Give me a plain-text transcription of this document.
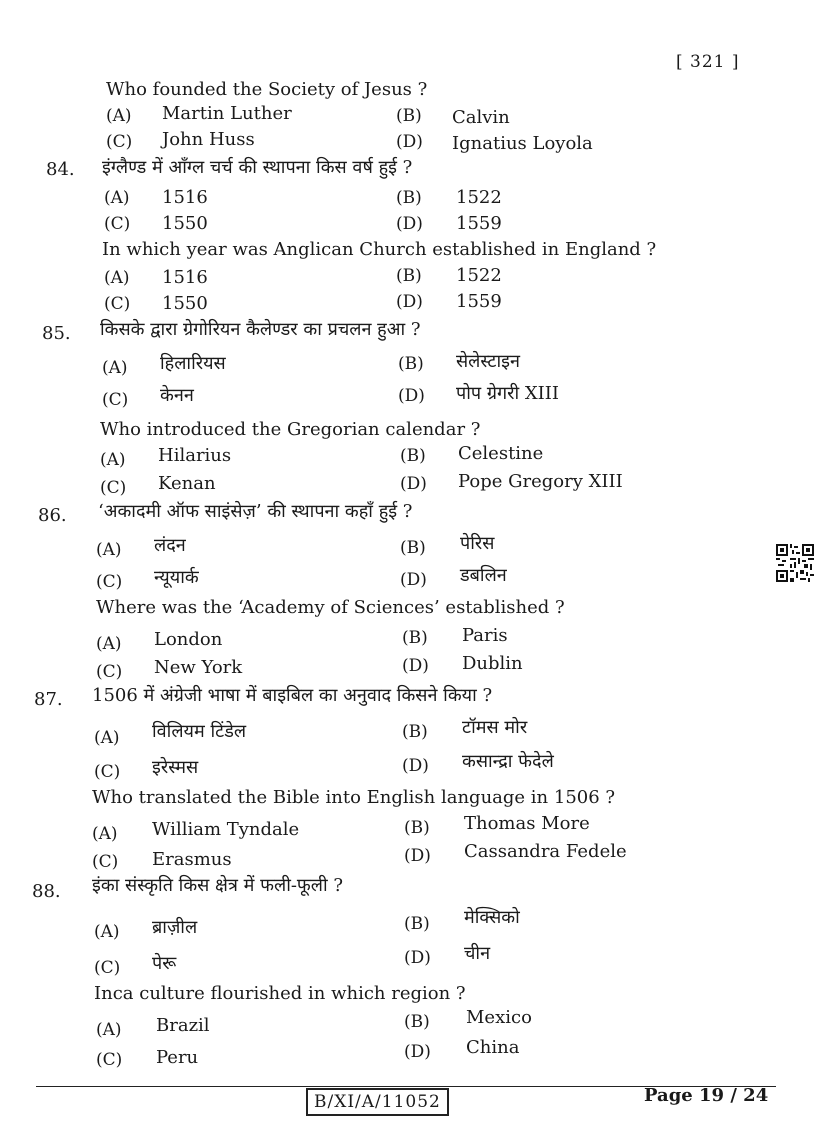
[ 321 ]
Who founded the Society of Jesus ?
(A) Martin Luther	(B) Calvin
(C) John Huss	(D) Ignatius Loyola
84. इंग्लैण्ड में आँग्ल चर्च की स्थापना किस वर्ष हुई ?
(A) 1516	(B) 1522
(C) 1550	(D) 1559
In which year was Anglican Church established in England ?
(A) 1516	(B) 1522
(C) 1550	(D) 1559
85. किसके द्वारा ग्रेगोरियन कैलेण्डर का प्रचलन हुआ ?
(A) हिलारियस	(B) सेलेस्टाइन
(C) केनन	(D) पोप ग्रेगरी XIII
Who introduced the Gregorian calendar ?
(A) Hilarius	(B) Celestine
(C) Kenan	(D) Pope Gregory XIII
86. ‘अकादमी ऑफ साइंसेज़’ की स्थापना कहाँ हुई ?
(A) लंदन	(B) पेरिस
(C) न्यूयार्क	(D) डबलिन
Where was the ‘Academy of Sciences’ established ?
(A) London	(B) Paris
(C) New York	(D) Dublin
87. 1506 में अंग्रेजी भाषा में बाइबिल का अनुवाद किसने किया ?
(A) विलियम टिंडेल	(B) टॉमस मोर
(C) इरेस्मस	(D) कसान्द्रा फेदेले
Who translated the Bible into English language in 1506 ?
(A) William Tyndale	(B) Thomas More
(C) Erasmus	(D) Cassandra Fedele
88. इंका संस्कृति किस क्षेत्र में फली-फूली ?
(A) ब्राज़ील	(B) मेक्सिको
(C) पेरू	(D) चीन
Inca culture flourished in which region ?
(A) Brazil	(B) Mexico
(C) Peru	(D) China
B/XI/A/11052	Page 19 / 24
